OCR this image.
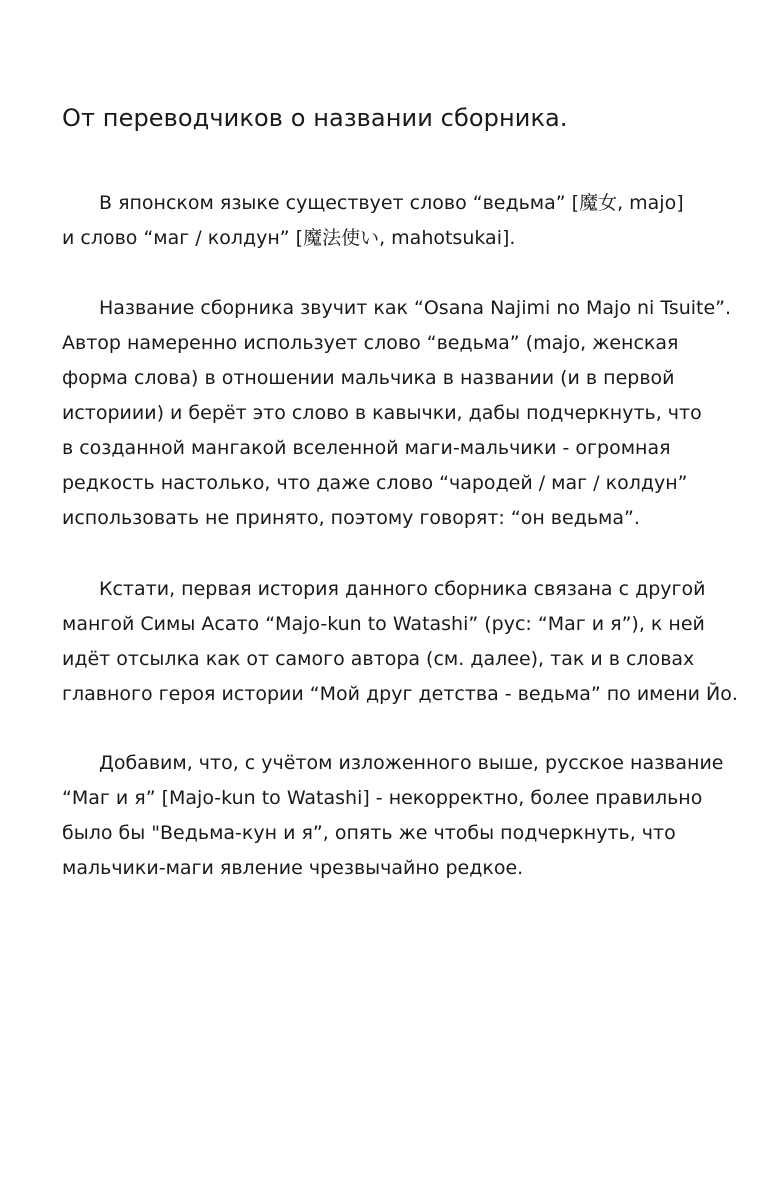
От переводчиков о названии сборника.

В японском языке существует слово “ведьма” [魔女, majo]
и слово “маг / колдун” [魔法使い, mahotsukai].

Название сборника звучит как “Osana Najimi no Majo ni Tsuite”.
Автор намеренно использует слово “ведьма” (majo, женская
форма слова) в отношении мальчика в названии (и в первой
историии) и берёт это слово в кавычки, дабы подчеркнуть, что
в созданной мангакой вселенной маги-мальчики - огромная
редкость настолько, что даже слово “чародей / маг / колдун”
использовать не принято, поэтому говорят: “он ведьма”.

Кстати, первая история данного сборника связана с другой
мангой Симы Асато “Majo-kun to Watashi” (рус: “Маг и я”), к ней
идёт отсылка как от самого автора (см. далее), так и в словах
главного героя истории “Мой друг детства - ведьма” по имени Йо.

Добавим, что, с учётом изложенного выше, русское название
“Маг и я” [Majo-kun to Watashi] - некорректно, более правильно
было бы "Ведьма-кун и я”, опять же чтобы подчеркнуть, что
мальчики-маги явление чрезвычайно редкое.
